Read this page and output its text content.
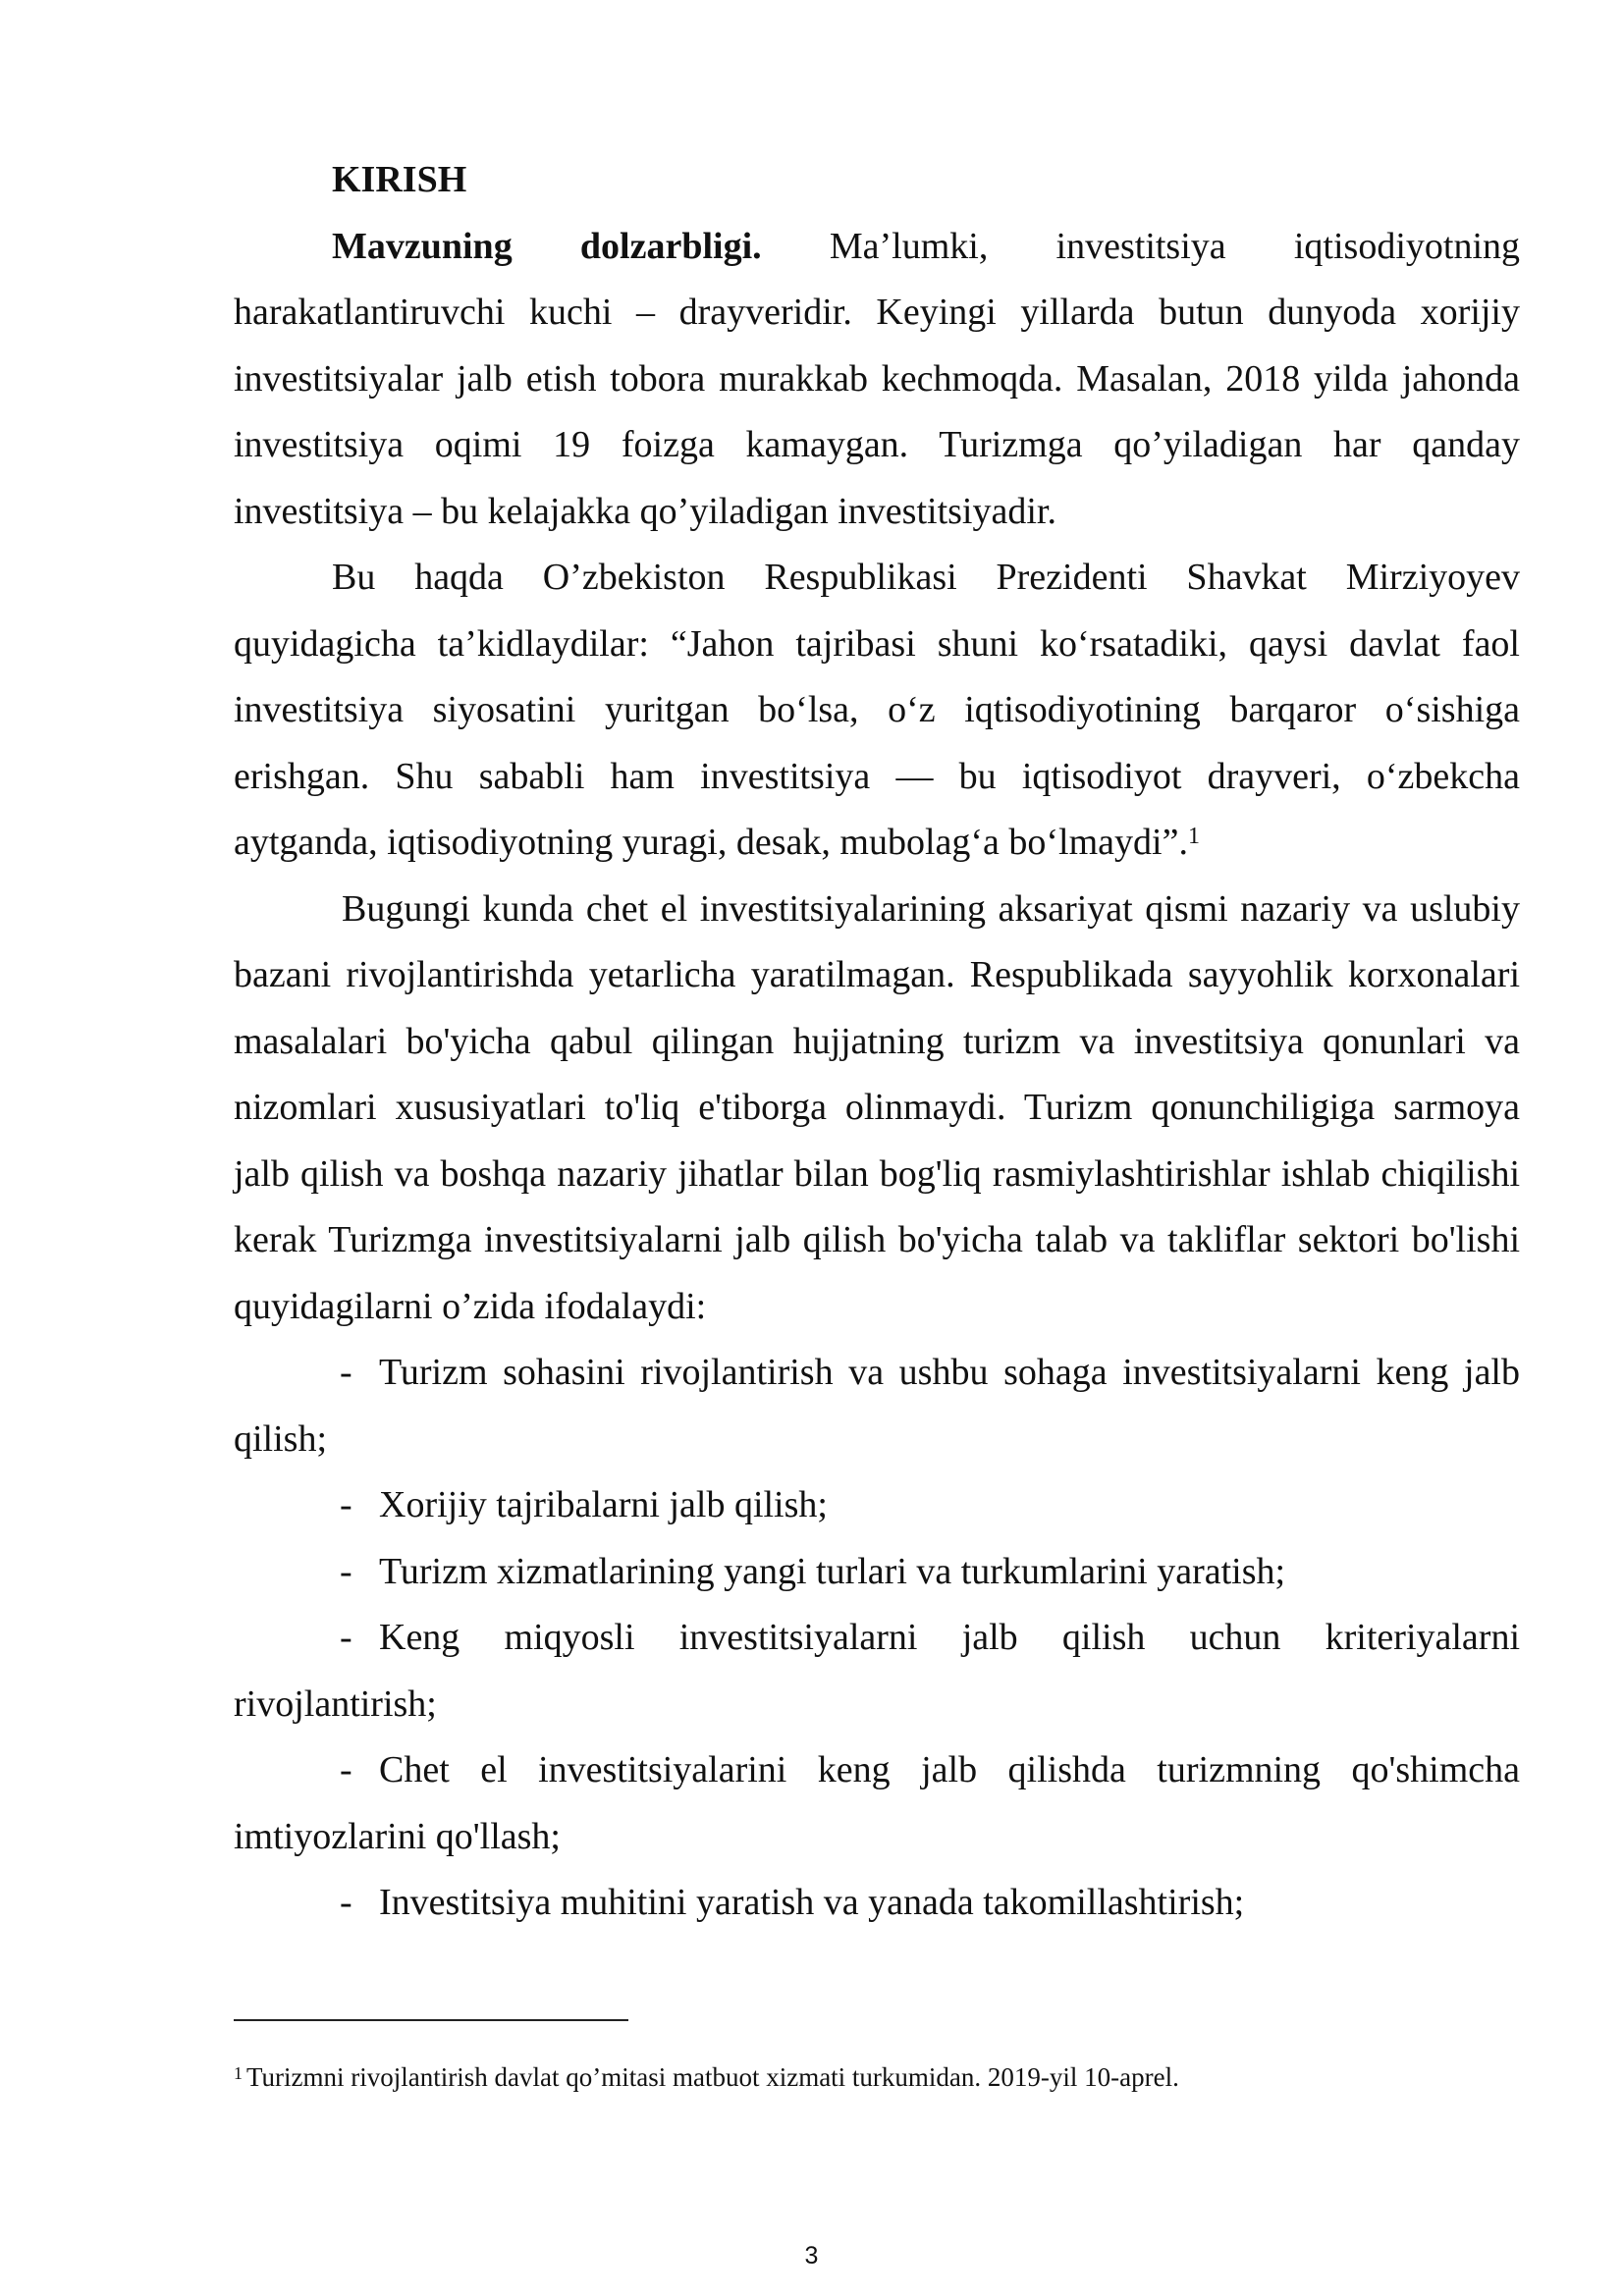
KIRISH

Mavzuning dolzarbligi. Ma’lumki, investitsiya iqtisodiyotning harakatlantiruvchi kuchi – drayveridir. Keyingi yillarda butun dunyoda xorijiy investitsiyalar jalb etish tobora murakkab kechmoqda. Masalan, 2018 yilda jahonda investitsiya oqimi 19 foizga kamaygan. Turizmga qo’yiladigan har qanday investitsiya – bu kelajakka qo’yiladigan investitsiyadir.

Bu haqda O’zbekiston Respublikasi Prezidenti Shavkat Mirziyoyev quyidagicha ta’kidlaydilar: “Jahon tajribasi shuni ko‘rsatadiki, qaysi davlat faol investitsiya siyosatini yuritgan bo‘lsa, o‘z iqtisodiyotining barqaror o‘sishiga erishgan. Shu sababli ham investitsiya — bu iqtisodiyot drayveri, o‘zbekcha aytganda, iqtisodiyotning yuragi, desak, mubolag‘a bo‘lmaydi”.$^1$

Bugungi kunda chet el investitsiyalarining aksariyat qismi nazariy va uslubiy bazani rivojlantirishda yetarlicha yaratilmagan. Respublikada sayyohlik korxonalari masalalari bo'yicha qabul qilingan hujjatning turizm va investitsiya qonunlari va nizomlari xususiyatlari to'liq e'tiborga olinmaydi. Turizm qonunchiligiga sarmoya jalb qilish va boshqa nazariy jihatlar bilan bog'liq rasmiylashtirishlar ishlab chiqilishi kerak Turizmga investitsiyalarni jalb qilish bo'yicha talab va takliflar sektori bo'lishi quyidagilarni o’zida ifodalaydi:

- Turizm sohasini rivojlantirish va ushbu sohaga investitsiyalarni keng jalb qilish;

- Xorijiy tajribalarni jalb qilish;

- Turizm xizmatlarining yangi turlari va turkumlarini yaratish;

- Keng miqyosli investitsiyalarni jalb qilish uchun kriteriyalarni rivojlantirish;

- Chet el investitsiyalarini keng jalb qilishda turizmning qo'shimcha imtiyozlarini qo'llash;

- Investitsiya muhitini yaratish va yanada takomillashtirish;

$^1$ Turizmni rivojlantirish davlat qo’mitasi matbuot xizmati turkumidan. 2019-yil 10-aprel.
3
